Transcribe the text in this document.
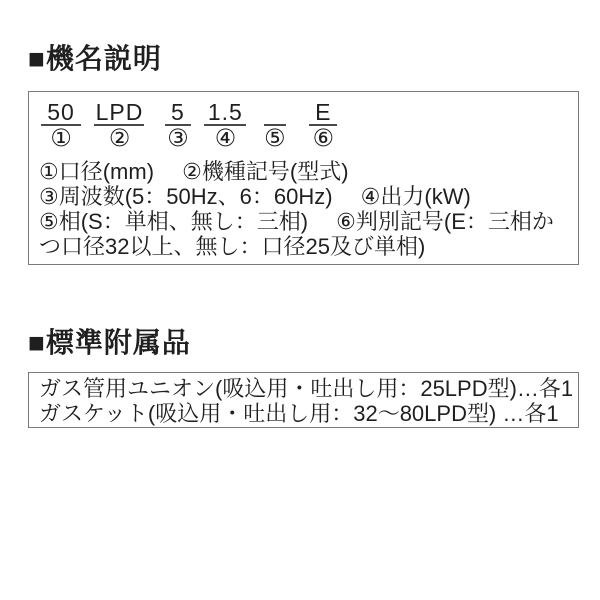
■機名説明
50
①

LPD
②

5
③

1.5
④
	⑤

E
⑥
①口径(mm)　 ②機種記号(型式)
③周波数(5：50Hz、6：60Hz)　 ④出力(kW)
⑤相(S：単相、無し：三相)　 ⑥判別記号(E：三相か
つ口径32以上、無し：口径25及び単相)
■標準附属品
ガス管用ユニオン(吸込用・吐出し用：25LPD型)…各1
ガスケット(吸込用・吐出し用：32～80LPD型) …各1
